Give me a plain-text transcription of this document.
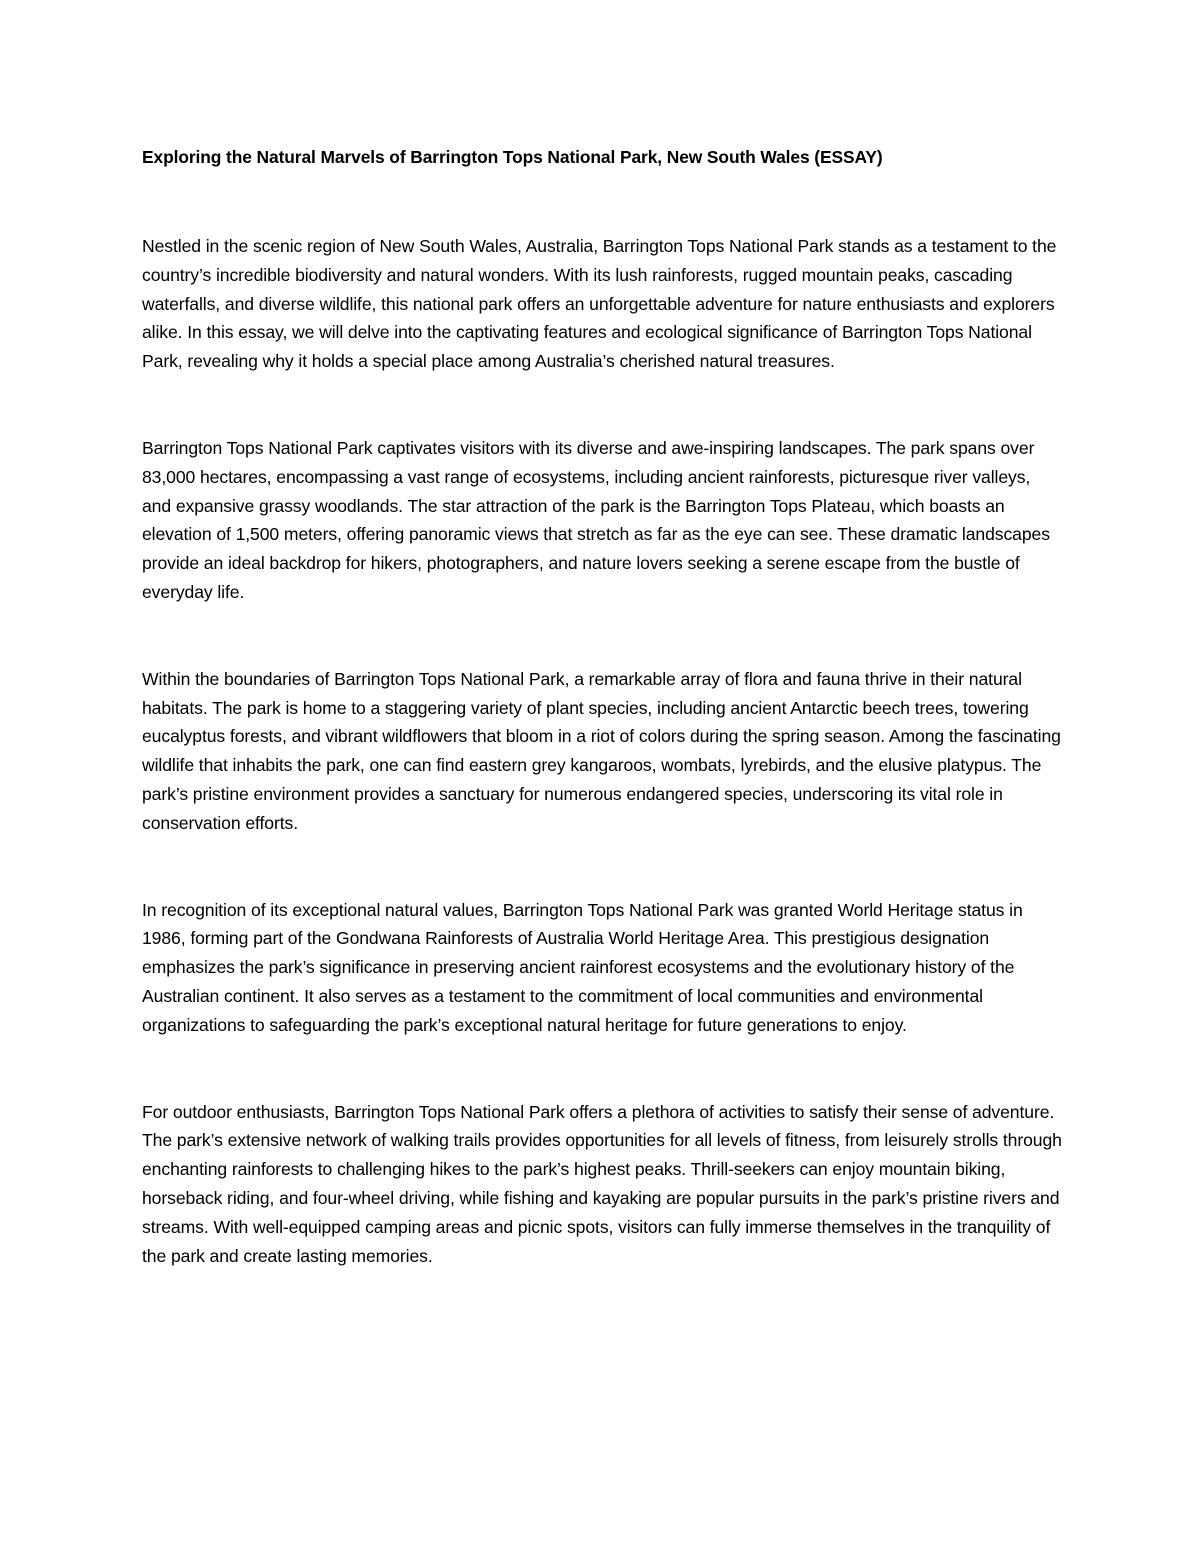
Exploring the Natural Marvels of Barrington Tops National Park, New South Wales (ESSAY)

Nestled in the scenic region of New South Wales, Australia, Barrington Tops National Park stands as a testament to the country’s incredible biodiversity and natural wonders. With its lush rainforests, rugged mountain peaks, cascading waterfalls, and diverse wildlife, this national park offers an unforgettable adventure for nature enthusiasts and explorers alike. In this essay, we will delve into the captivating features and ecological significance of Barrington Tops National Park, revealing why it holds a special place among Australia’s cherished natural treasures.

Barrington Tops National Park captivates visitors with its diverse and awe-inspiring landscapes. The park spans over 83,000 hectares, encompassing a vast range of ecosystems, including ancient rainforests, picturesque river valleys, and expansive grassy woodlands. The star attraction of the park is the Barrington Tops Plateau, which boasts an elevation of 1,500 meters, offering panoramic views that stretch as far as the eye can see. These dramatic landscapes provide an ideal backdrop for hikers, photographers, and nature lovers seeking a serene escape from the bustle of everyday life.

Within the boundaries of Barrington Tops National Park, a remarkable array of flora and fauna thrive in their natural habitats. The park is home to a staggering variety of plant species, including ancient Antarctic beech trees, towering eucalyptus forests, and vibrant wildflowers that bloom in a riot of colors during the spring season. Among the fascinating wildlife that inhabits the park, one can find eastern grey kangaroos, wombats, lyrebirds, and the elusive platypus. The park’s pristine environment provides a sanctuary for numerous endangered species, underscoring its vital role in conservation efforts.

In recognition of its exceptional natural values, Barrington Tops National Park was granted World Heritage status in 1986, forming part of the Gondwana Rainforests of Australia World Heritage Area. This prestigious designation emphasizes the park’s significance in preserving ancient rainforest ecosystems and the evolutionary history of the Australian continent. It also serves as a testament to the commitment of local communities and environmental organizations to safeguarding the park’s exceptional natural heritage for future generations to enjoy.

For outdoor enthusiasts, Barrington Tops National Park offers a plethora of activities to satisfy their sense of adventure. The park’s extensive network of walking trails provides opportunities for all levels of fitness, from leisurely strolls through enchanting rainforests to challenging hikes to the park’s highest peaks. Thrill-seekers can enjoy mountain biking, horseback riding, and four-wheel driving, while fishing and kayaking are popular pursuits in the park’s pristine rivers and streams. With well-equipped camping areas and picnic spots, visitors can fully immerse themselves in the tranquility of the park and create lasting memories.
